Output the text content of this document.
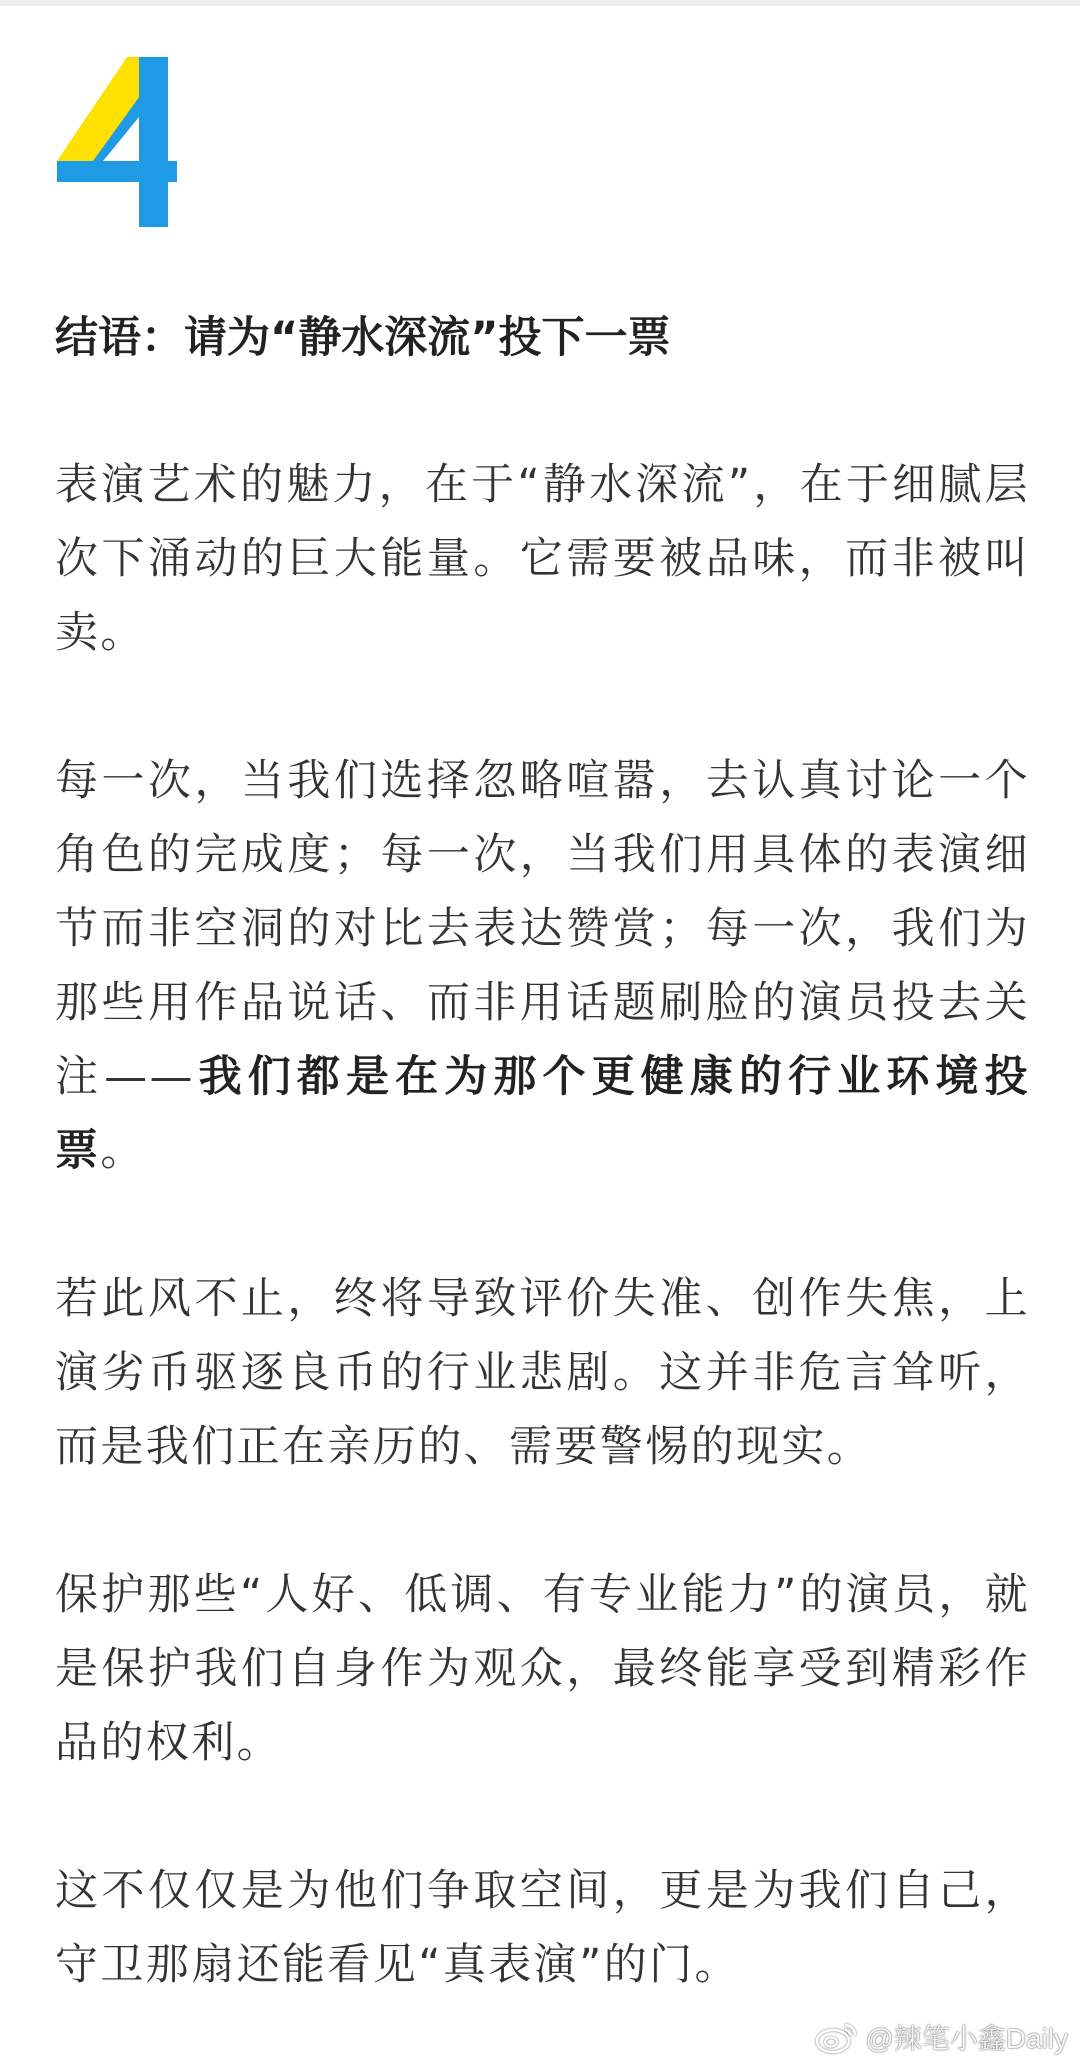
结语：请为“静水深流”投下一票

表演艺术的魅力，在于“静水深流”，在于细腻层次下涌动的巨大能量。它需要被品味，而非被叫卖。

每一次，当我们选择忽略喧嚣，去认真讨论一个角色的完成度；每一次，当我们用具体的表演细节而非空洞的对比去表达赞赏；每一次，我们为那些用作品说话、而非用话题刷脸的演员投去关注——我们都是在为那个更健康的行业环境投票。

若此风不止，终将导致评价失准、创作失焦，上演劣币驱逐良币的行业悲剧。这并非危言耸听，而是我们正在亲历的、需要警惕的现实。

保护那些“人好、低调、有专业能力”的演员，就是保护我们自身作为观众，最终能享受到精彩作品的权利。

这不仅仅是为他们争取空间，更是为我们自己，守卫那扇还能看见“真表演”的门。

@辣笔小鑫Daily
